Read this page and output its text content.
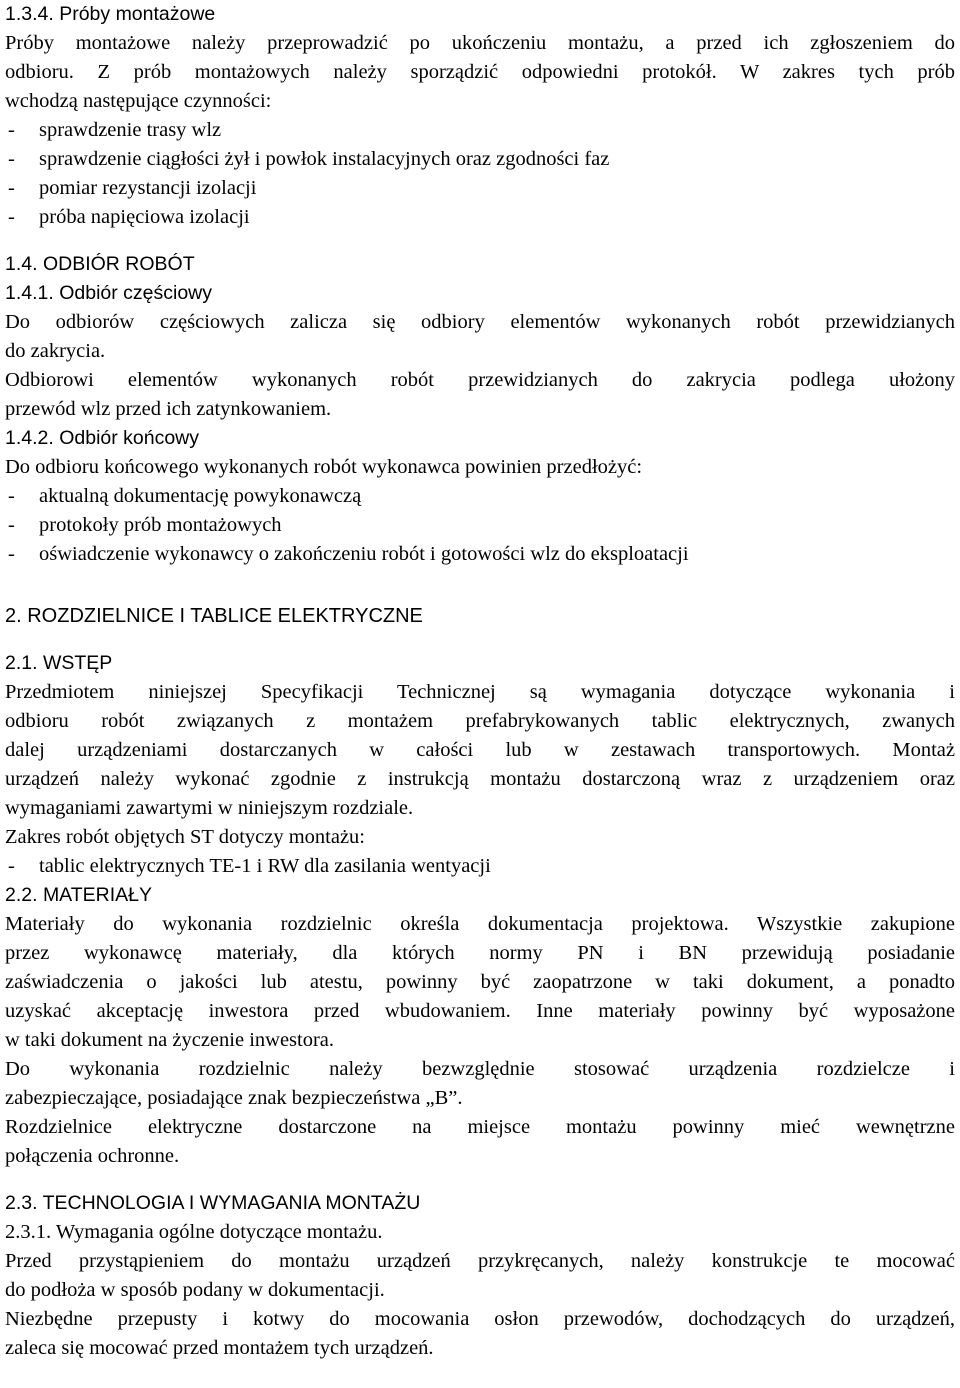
1.3.4. Próby montażowe
Próby montażowe należy przeprowadzić po ukończeniu montażu, a przed ich zgłoszeniem do
odbioru. Z prób montażowych należy sporządzić odpowiedni protokół. W zakres tych prób
wchodzą następujące czynności:
-	sprawdzenie trasy wlz
-	sprawdzenie ciągłości żył i powłok instalacyjnych oraz zgodności faz
-	pomiar rezystancji izolacji
-	próba napięciowa izolacji
1.4. ODBIÓR ROBÓT
1.4.1. Odbiór częściowy
Do odbiorów częściowych zalicza się odbiory elementów wykonanych robót przewidzianych
do zakrycia.
Odbiorowi elementów wykonanych robót przewidzianych do zakrycia podlega ułożony
przewód wlz przed ich zatynkowaniem.
1.4.2. Odbiór końcowy
Do odbioru końcowego wykonanych robót wykonawca powinien przedłożyć:
-	aktualną dokumentację powykonawczą
-	protokoły prób montażowych
-	oświadczenie wykonawcy o zakończeniu robót i gotowości wlz do eksploatacji
2. ROZDZIELNICE I TABLICE ELEKTRYCZNE
2.1. WSTĘP
Przedmiotem niniejszej Specyfikacji Technicznej są wymagania dotyczące wykonania i
odbioru robót związanych z montażem prefabrykowanych tablic elektrycznych, zwanych
dalej urządzeniami dostarczanych w całości lub w zestawach transportowych. Montaż
urządzeń należy wykonać zgodnie z instrukcją montażu dostarczoną wraz z urządzeniem oraz
wymaganiami zawartymi w niniejszym rozdziale.
Zakres robót objętych ST dotyczy montażu:
-	tablic elektrycznych TE-1 i RW dla zasilania wentyacji
2.2. MATERIAŁY
Materiały do wykonania rozdzielnic określa dokumentacja projektowa. Wszystkie zakupione
przez wykonawcę materiały, dla których normy PN i BN przewidują posiadanie
zaświadczenia o jakości lub atestu, powinny być zaopatrzone w taki dokument, a ponadto
uzyskać akceptację inwestora przed wbudowaniem. Inne materiały powinny być wyposażone
w taki dokument na życzenie inwestora.
Do wykonania rozdzielnic należy bezwzględnie stosować urządzenia rozdzielcze i
zabezpieczające, posiadające znak bezpieczeństwa „B”.
Rozdzielnice elektryczne dostarczone na miejsce montażu powinny mieć wewnętrzne
połączenia ochronne.
2.3. TECHNOLOGIA I WYMAGANIA MONTAŻU
2.3.1. Wymagania ogólne dotyczące montażu.
Przed przystąpieniem do montażu urządzeń przykręcanych, należy konstrukcje te mocować
do podłoża w sposób podany w dokumentacji.
Niezbędne przepusty i kotwy do mocowania osłon przewodów, dochodzących do urządzeń,
zaleca się mocować przed montażem tych urządzeń.
